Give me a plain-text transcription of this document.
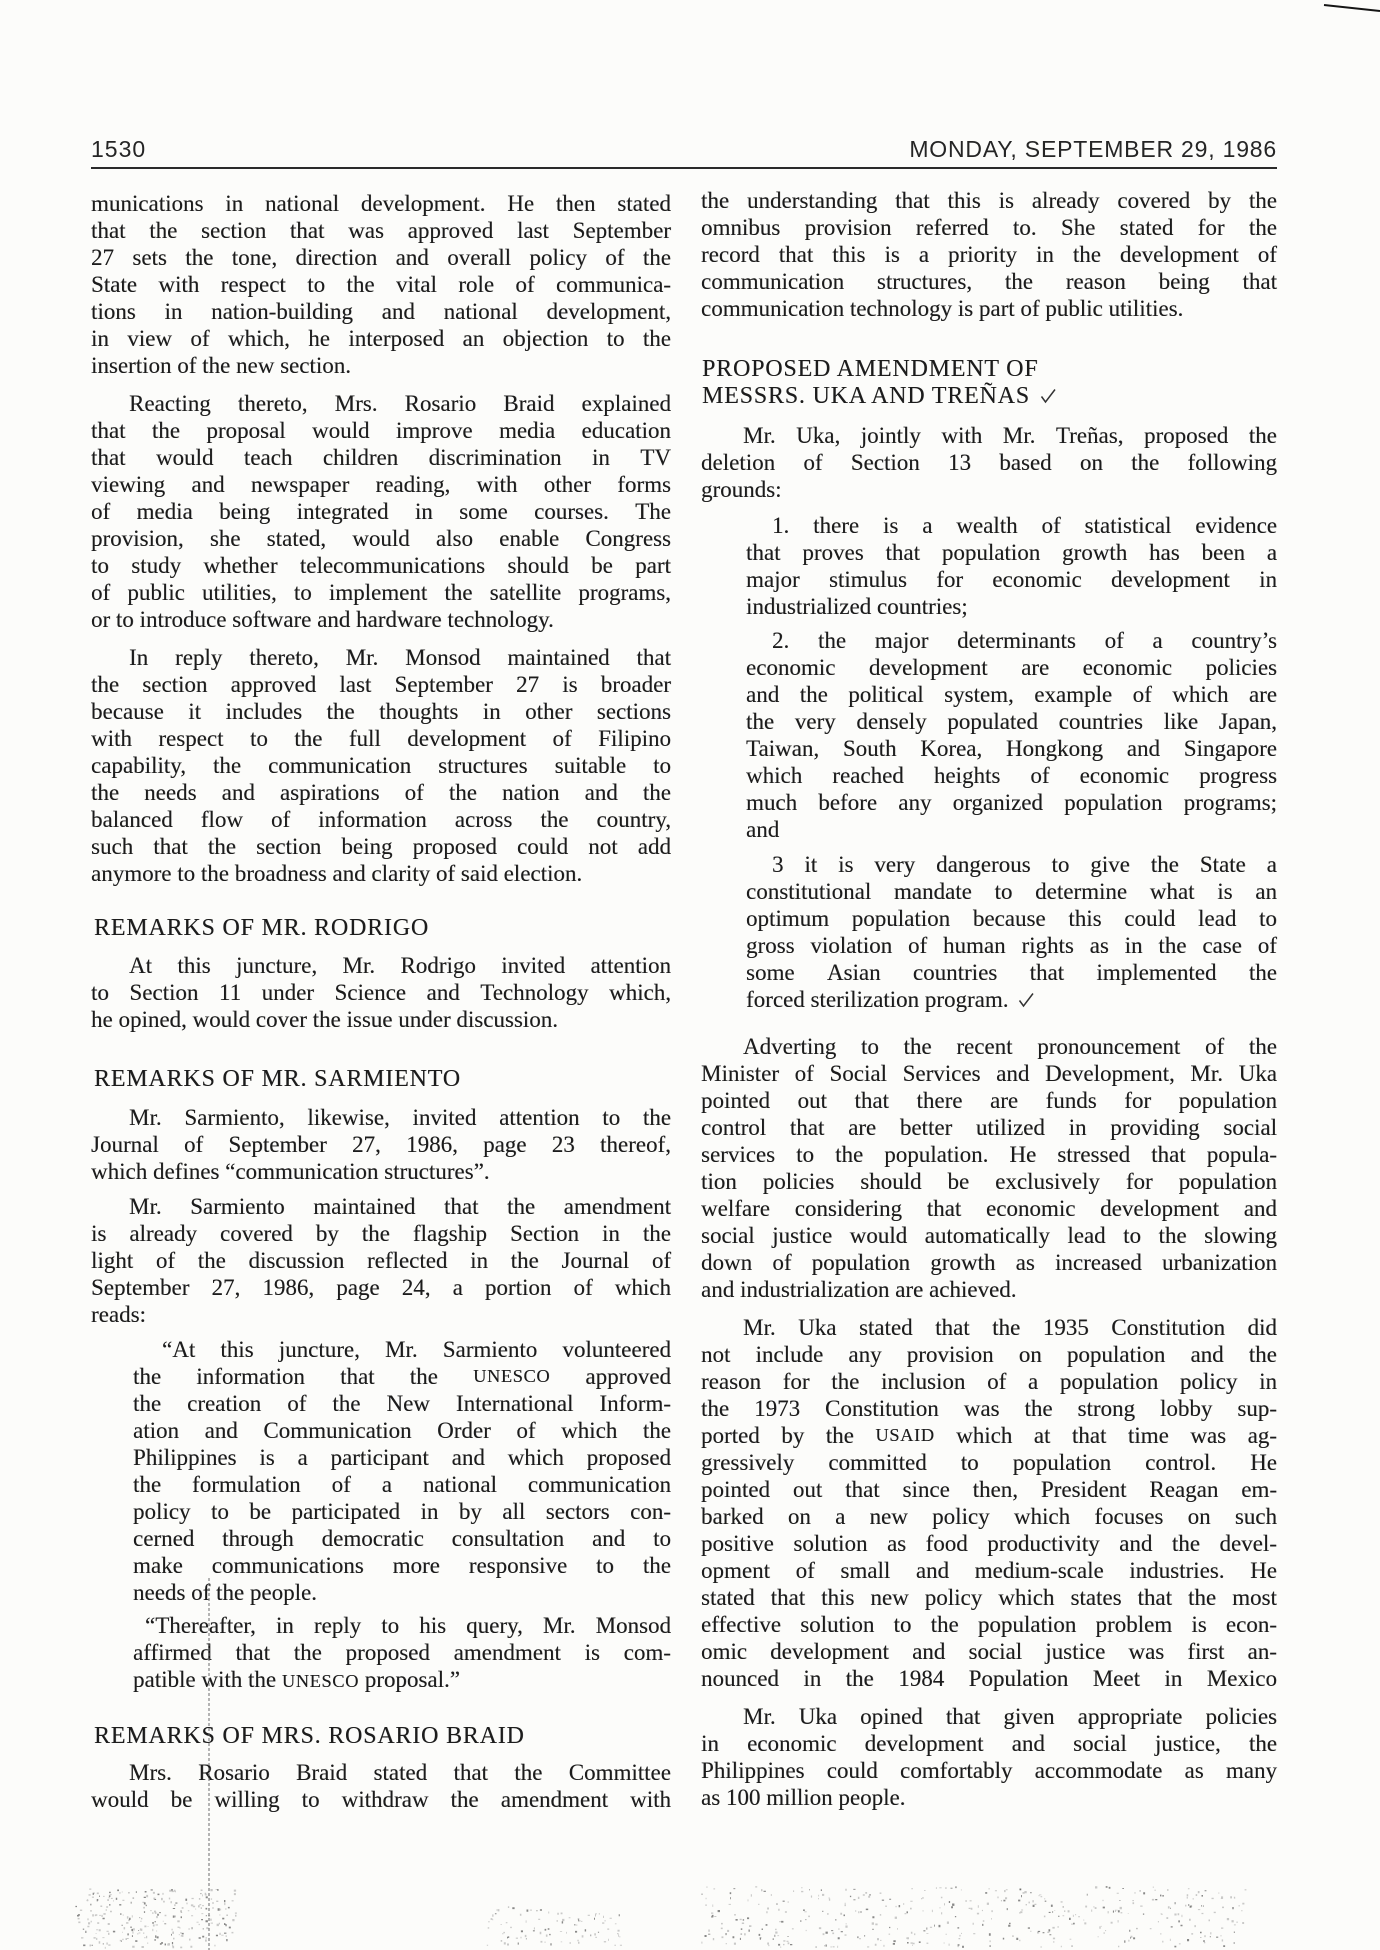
1530	MONDAY, SEPTEMBER 29, 1986
munications in national development. He then stated
that the section that was approved last September
27 sets the tone, direction and overall policy of the
State with respect to the vital role of communica-
tions in nation-building and national development,
in view of which, he interposed an objection to the
insertion of the new section.
Reacting thereto, Mrs. Rosario Braid explained
that the proposal would improve media education
that would teach children discrimination in TV
viewing and newspaper reading, with other forms
of media being integrated in some courses. The
provision, she stated, would also enable Congress
to study whether telecommunications should be part
of public utilities, to implement the satellite programs,
or to introduce software and hardware technology.
In reply thereto, Mr. Monsod maintained that
the section approved last September 27 is broader
because it includes the thoughts in other sections
with respect to the full development of Filipino
capability, the communication structures suitable to
the needs and aspirations of the nation and the
balanced flow of information across the country,
such that the section being proposed could not add
anymore to the broadness and clarity of said election.
REMARKS OF MR. RODRIGO
At this juncture, Mr. Rodrigo invited attention
to Section 11 under Science and Technology which,
he opined, would cover the issue under discussion.
REMARKS OF MR. SARMIENTO
Mr. Sarmiento, likewise, invited attention to the
Journal of September 27, 1986, page 23 thereof,
which defines “communication structures”.
Mr. Sarmiento maintained that the amendment
is already covered by the flagship Section in the
light of the discussion reflected in the Journal of
September 27, 1986, page 24, a portion of which
reads:
“At this juncture, Mr. Sarmiento volunteered
the information that the UNESCO approved
the creation of the New International Inform-
ation and Communication Order of which the
Philippines is a participant and which proposed
the formulation of a national communication
policy to be participated in by all sectors con-
cerned through democratic consultation and to
make communications more responsive to the
needs of the people.
“Thereafter, in reply to his query, Mr. Monsod
affirmed that the proposed amendment is com-
patible with the UNESCO proposal.”
REMARKS OF MRS. ROSARIO BRAID
Mrs. Rosario Braid stated that the Committee
would be willing to withdraw the amendment with
the understanding that this is already covered by the
omnibus provision referred to. She stated for the
record that this is a priority in the development of
communication structures, the reason being that
communication technology is part of public utilities.
PROPOSED AMENDMENT OF
MESSRS. UKA AND TREÑAS
Mr. Uka, jointly with Mr. Treñas, proposed the
deletion of Section 13 based on the following
grounds:
1. there is a wealth of statistical evidence
that proves that population growth has been a
major stimulus for economic development in
industrialized countries;
2. the major determinants of a country’s
economic development are economic policies
and the political system, example of which are
the very densely populated countries like Japan,
Taiwan, South Korea, Hongkong and Singapore
which reached heights of economic progress
much before any organized population programs;
and
3 it is very dangerous to give the State a
constitutional mandate to determine what is an
optimum population because this could lead to
gross violation of human rights as in the case of
some Asian countries that implemented the
forced sterilization program.
Adverting to the recent pronouncement of the
Minister of Social Services and Development, Mr. Uka
pointed out that there are funds for population
control that are better utilized in providing social
services to the population. He stressed that popula-
tion policies should be exclusively for population
welfare considering that economic development and
social justice would automatically lead to the slowing
down of population growth as increased urbanization
and industrialization are achieved.
Mr. Uka stated that the 1935 Constitution did
not include any provision on population and the
reason for the inclusion of a population policy in
the 1973 Constitution was the strong lobby sup-
ported by the USAID which at that time was ag-
gressively committed to population control. He
pointed out that since then, President Reagan em-
barked on a new policy which focuses on such
positive solution as food productivity and the devel-
opment of small and medium-scale industries. He
stated that this new policy which states that the most
effective solution to the population problem is econ-
omic development and social justice was first an-
nounced in the 1984 Population Meet in Mexico
Mr. Uka opined that given appropriate policies
in economic development and social justice, the
Philippines could comfortably accommodate as many
as 100 million people.
